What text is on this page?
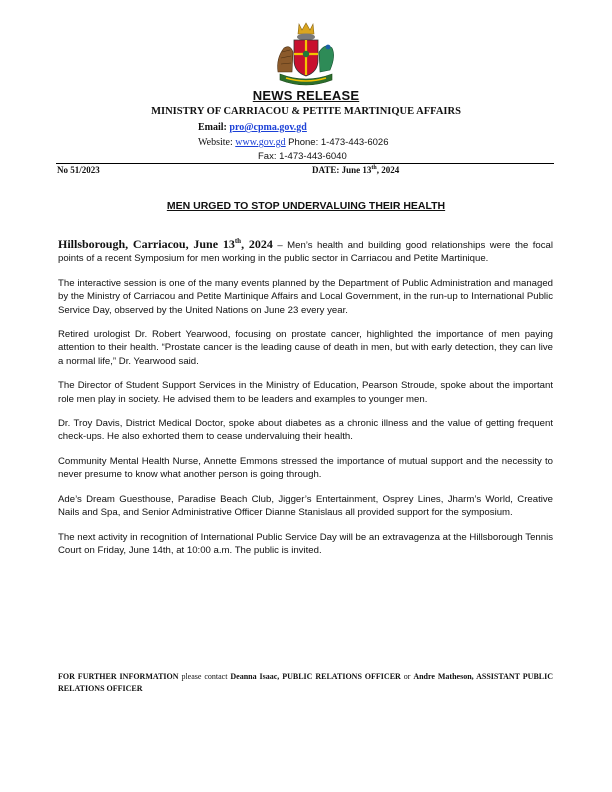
NEWS RELEASE
MINISTRY OF CARRIACOU & PETITE MARTINIQUE AFFAIRS
Email: pro@cpma.gov.gd
Website: www.gov.gd Phone: 1-473-443-6026
Fax: 1-473-443-6040
No 51/2023	DATE: June 13th, 2024
MEN URGED TO STOP UNDERVALUING THEIR HEALTH

Hillsborough, Carriacou, June 13th, 2024 – Men’s health and building good relationships were the focal points of a recent Symposium for men working in the public sector in Carriacou and Petite Martinique.

The interactive session is one of the many events planned by the Department of Public Administration and managed by the Ministry of Carriacou and Petite Martinique Affairs and Local Government, in the run-up to International Public Service Day, observed by the United Nations on June 23 every year.

Retired urologist Dr. Robert Yearwood, focusing on prostate cancer, highlighted the importance of men paying attention to their health. “Prostate cancer is the leading cause of death in men, but with early detection, they can live a normal life,” Dr. Yearwood said.

The Director of Student Support Services in the Ministry of Education, Pearson Stroude, spoke about the important role men play in society. He advised them to be leaders and examples to younger men.

Dr. Troy Davis, District Medical Doctor, spoke about diabetes as a chronic illness and the value of getting frequent check-ups. He also exhorted them to cease undervaluing their health.

Community Mental Health Nurse, Annette Emmons stressed the importance of mutual support and the necessity to never presume to know what another person is going through.

Ade’s Dream Guesthouse, Paradise Beach Club, Jigger’s Entertainment, Osprey Lines, Jharm’s World, Creative Nails and Spa, and Senior Administrative Officer Dianne Stanislaus all provided support for the symposium.

The next activity in recognition of International Public Service Day will be an extravagenza at the Hillsborough Tennis Court on Friday, June 14th, at 10:00 a.m. The public is invited.

FOR FURTHER INFORMATION please contact Deanna Isaac, PUBLIC RELATIONS OFFICER or Andre Matheson, ASSISTANT PUBLIC RELATIONS OFFICER
